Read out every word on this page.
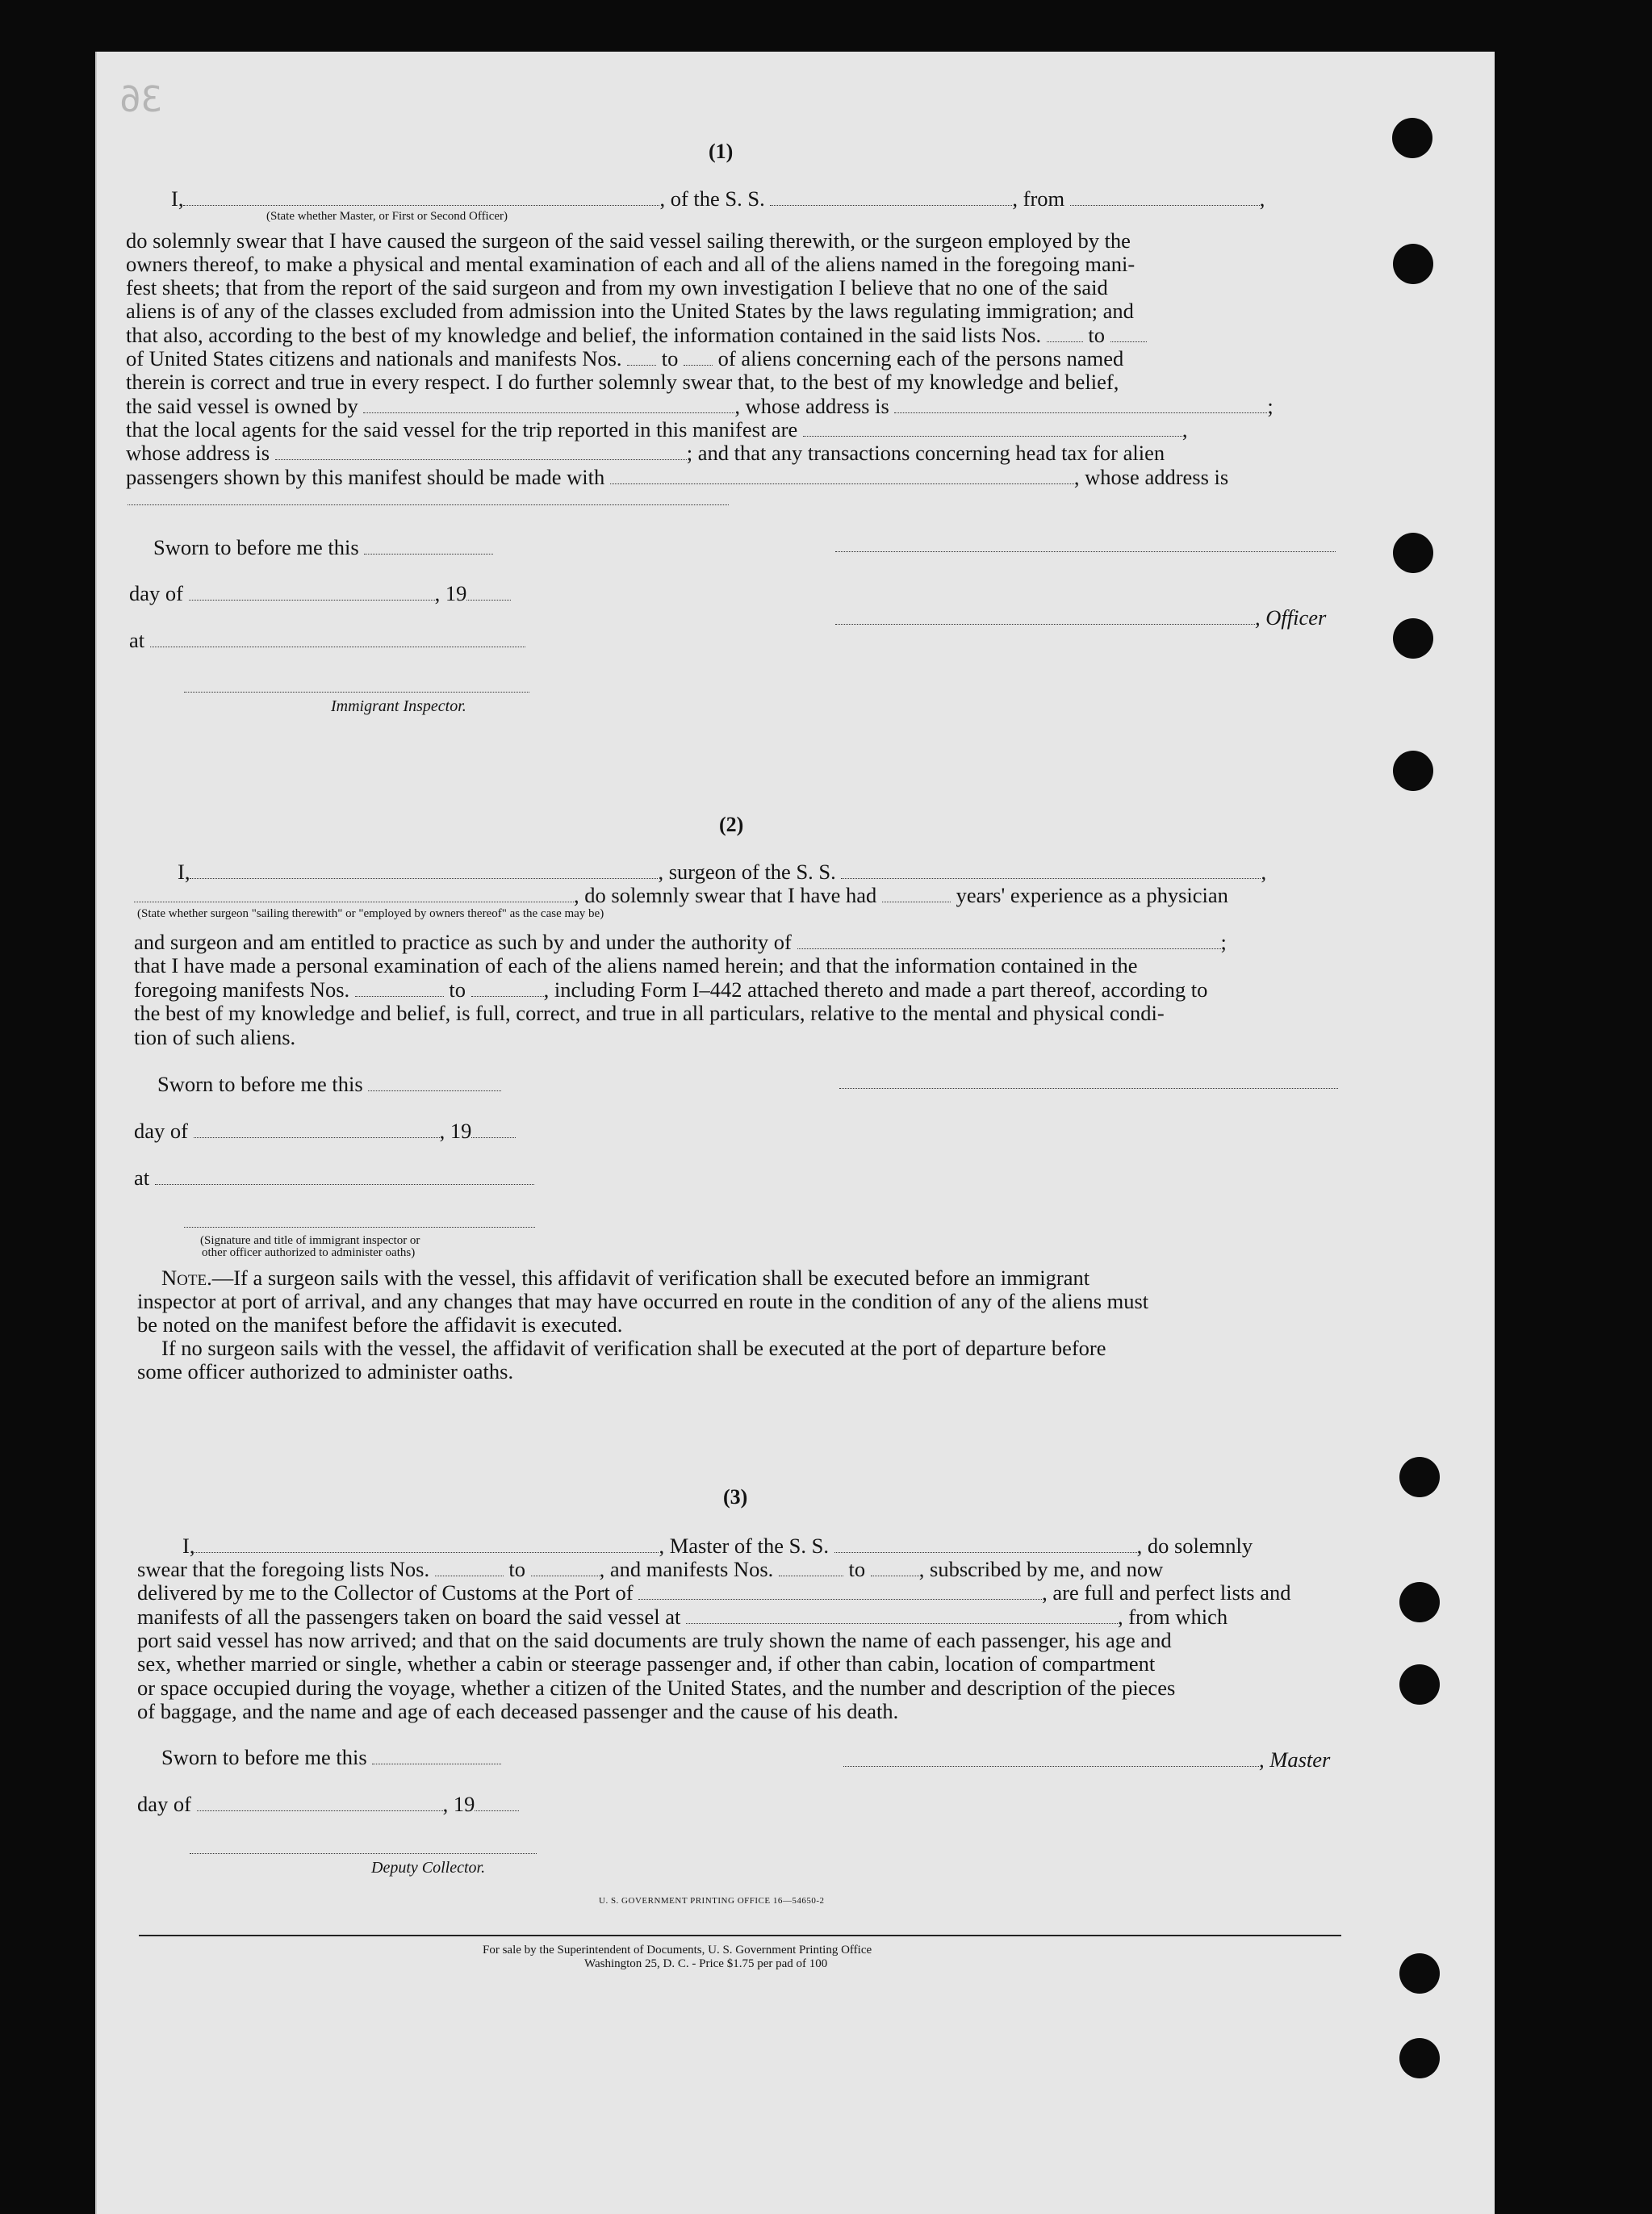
36
(1)
I,	, of the S. S.	, from	,
(State whether Master, or First or Second Officer)
do solemnly swear that I have caused the surgeon of the said vessel sailing therewith, or the surgeon employed by the
owners thereof, to make a physical and mental examination of each and all of the aliens named in the foregoing mani-
fest sheets; that from the report of the said surgeon and from my own investigation I believe that no one of the said
aliens is of any of the classes excluded from admission into the United States by the laws regulating immigration; and
that also, according to the best of my knowledge and belief, the information contained in the said lists Nos. to
of United States citizens and nationals and manifests Nos. to of aliens concerning each of the persons named
therein is correct and true in every respect. I do further solemnly swear that, to the best of my knowledge and belief,
the said vessel is owned by	, whose address is	;
that the local agents for the said vessel for the trip reported in this manifest are	,
whose address is	; and that any transactions concerning head tax for alien
passengers shown by this manifest should be made with	, whose address is
Sworn to before me this
day of	, 19
at
Immigrant Inspector.
, Officer
(2)
I,	, surgeon of the S. S.	,
, do solemnly swear that I have had	years' experience as a physician
(State whether surgeon "sailing therewith" or "employed by owners thereof" as the case may be)
and surgeon and am entitled to practice as such by and under the authority of	;
that I have made a personal examination of each of the aliens named herein; and that the information contained in the
foregoing manifests Nos.	to	, including Form I–442 attached thereto and made a part thereof, according to
the best of my knowledge and belief, is full, correct, and true in all particulars, relative to the mental and physical condi-
tion of such aliens.
Sworn to before me this
day of	, 19
at
(Signature and title of immigrant inspector or
other officer authorized to administer oaths)
Note.—If a surgeon sails with the vessel, this affidavit of verification shall be executed before an immigrant
inspector at port of arrival, and any changes that may have occurred en route in the condition of any of the aliens must
be noted on the manifest before the affidavit is executed.
If no surgeon sails with the vessel, the affidavit of verification shall be executed at the port of departure before
some officer authorized to administer oaths.
(3)
I,	, Master of the S. S.	, do solemnly
swear that the foregoing lists Nos.	to	, and manifests Nos.	to	, subscribed by me, and now
delivered by me to the Collector of Customs at the Port of	, are full and perfect lists and
manifests of all the passengers taken on board the said vessel at	, from which
port said vessel has now arrived; and that on the said documents are truly shown the name of each passenger, his age and
sex, whether married or single, whether a cabin or steerage passenger and, if other than cabin, location of compartment
or space occupied during the voyage, whether a citizen of the United States, and the number and description of the pieces
of baggage, and the name and age of each deceased passenger and the cause of his death.
Sworn to before me this
day of	, 19
Deputy Collector.
, Master
U. S. GOVERNMENT PRINTING OFFICE 16—54650-2
For sale by the Superintendent of Documents, U. S. Government Printing Office
Washington 25, D. C. - Price $1.75 per pad of 100
